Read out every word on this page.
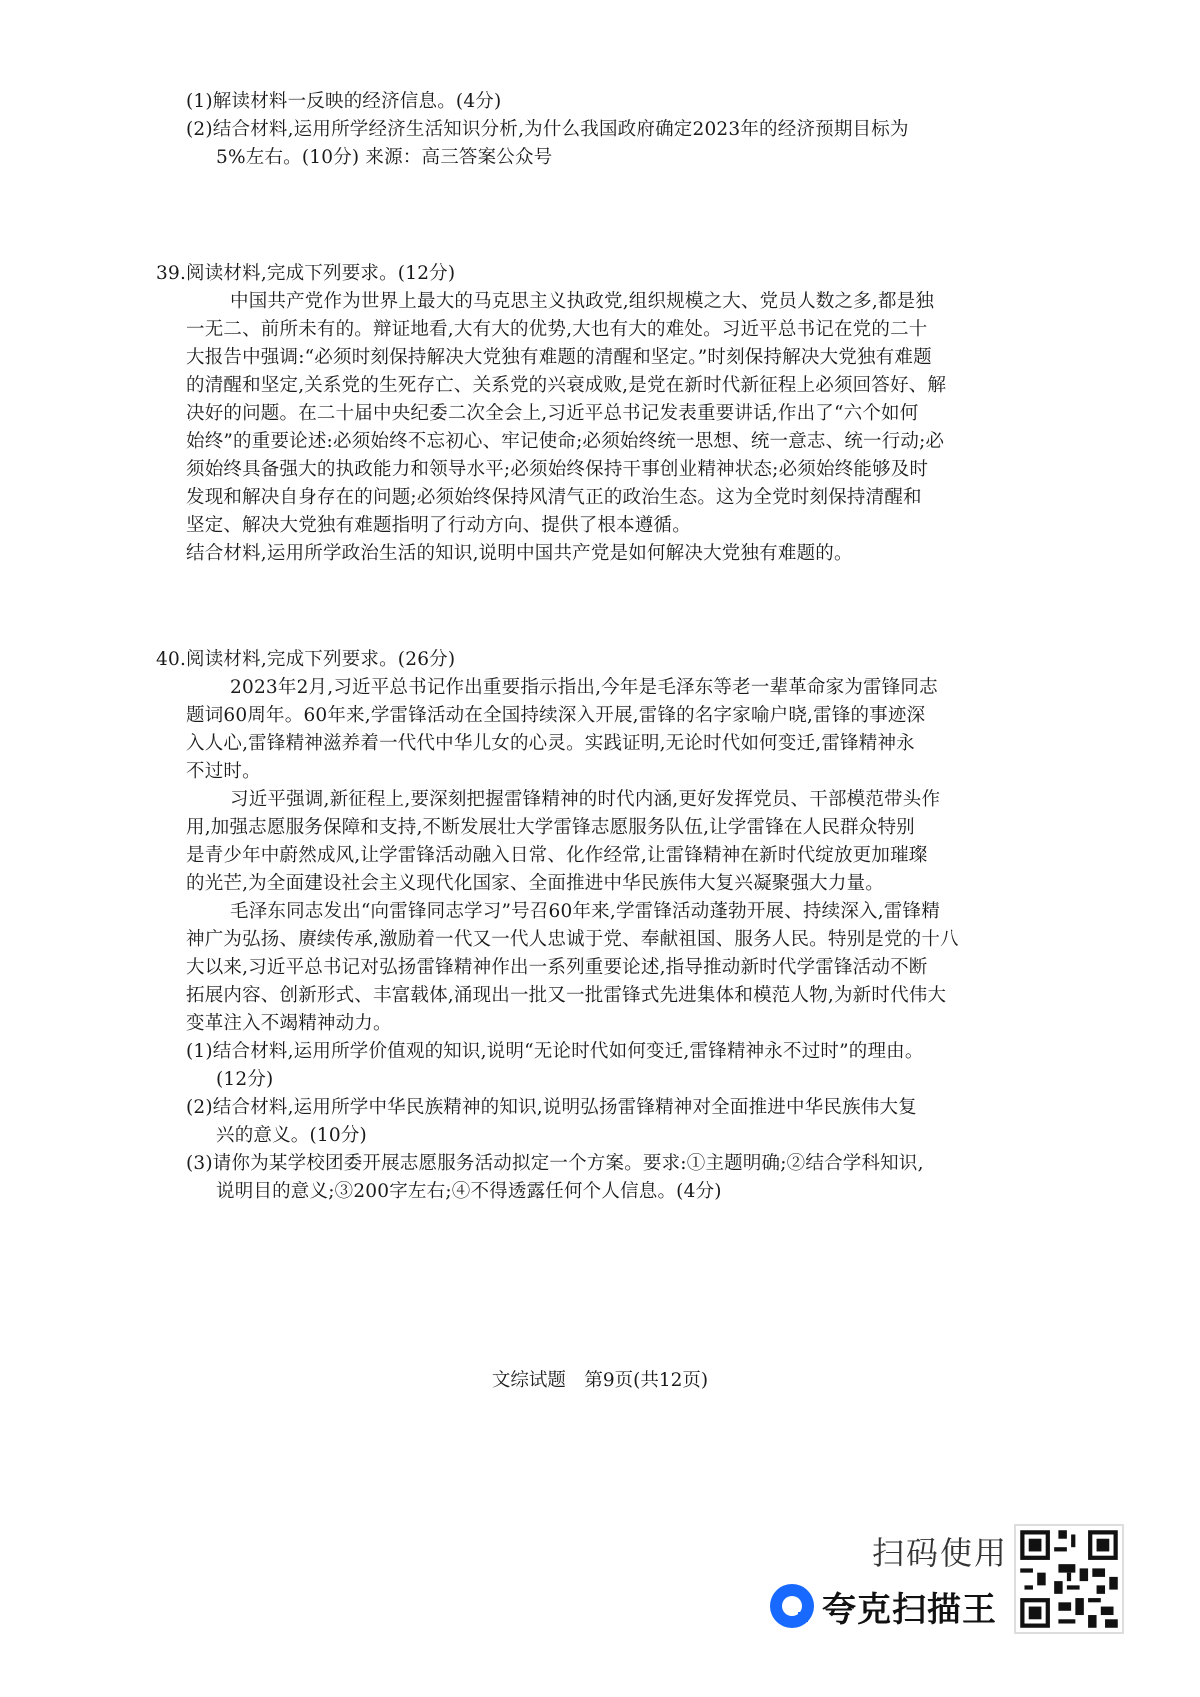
(1)解读材料一反映的经济信息。(4分)
(2)结合材料,运用所学经济生活知识分析,为什么我国政府确定2023年的经济预期目标为
5%左右。(10分) 来源：高三答案公众号
39.阅读材料,完成下列要求。(12分)
中国共产党作为世界上最大的马克思主义执政党,组织规模之大、党员人数之多,都是独
一无二、前所未有的。辩证地看,大有大的优势,大也有大的难处。习近平总书记在党的二十
大报告中强调:“必须时刻保持解决大党独有难题的清醒和坚定。”时刻保持解决大党独有难题
的清醒和坚定,关系党的生死存亡、关系党的兴衰成败,是党在新时代新征程上必须回答好、解
决好的问题。在二十届中央纪委二次全会上,习近平总书记发表重要讲话,作出了“六个如何
始终”的重要论述:必须始终不忘初心、牢记使命;必须始终统一思想、统一意志、统一行动;必
须始终具备强大的执政能力和领导水平;必须始终保持干事创业精神状态;必须始终能够及时
发现和解决自身存在的问题;必须始终保持风清气正的政治生态。这为全党时刻保持清醒和
坚定、解决大党独有难题指明了行动方向、提供了根本遵循。
结合材料,运用所学政治生活的知识,说明中国共产党是如何解决大党独有难题的。
40.阅读材料,完成下列要求。(26分)
2023年2月,习近平总书记作出重要指示指出,今年是毛泽东等老一辈革命家为雷锋同志
题词60周年。60年来,学雷锋活动在全国持续深入开展,雷锋的名字家喻户晓,雷锋的事迹深
入人心,雷锋精神滋养着一代代中华儿女的心灵。实践证明,无论时代如何变迁,雷锋精神永
不过时。
习近平强调,新征程上,要深刻把握雷锋精神的时代内涵,更好发挥党员、干部模范带头作
用,加强志愿服务保障和支持,不断发展壮大学雷锋志愿服务队伍,让学雷锋在人民群众特别
是青少年中蔚然成风,让学雷锋活动融入日常、化作经常,让雷锋精神在新时代绽放更加璀璨
的光芒,为全面建设社会主义现代化国家、全面推进中华民族伟大复兴凝聚强大力量。
毛泽东同志发出“向雷锋同志学习”号召60年来,学雷锋活动蓬勃开展、持续深入,雷锋精
神广为弘扬、赓续传承,激励着一代又一代人忠诚于党、奉献祖国、服务人民。特别是党的十八
大以来,习近平总书记对弘扬雷锋精神作出一系列重要论述,指导推动新时代学雷锋活动不断
拓展内容、创新形式、丰富载体,涌现出一批又一批雷锋式先进集体和模范人物,为新时代伟大
变革注入不竭精神动力。
(1)结合材料,运用所学价值观的知识,说明“无论时代如何变迁,雷锋精神永不过时”的理由。
(12分)
(2)结合材料,运用所学中华民族精神的知识,说明弘扬雷锋精神对全面推进中华民族伟大复
兴的意义。(10分)
(3)请你为某学校团委开展志愿服务活动拟定一个方案。要求:①主题明确;②结合学科知识,
说明目的意义;③200字左右;④不得透露任何个人信息。(4分)
文综试题　第9页(共12页)
扫码使用
夸克扫描王
